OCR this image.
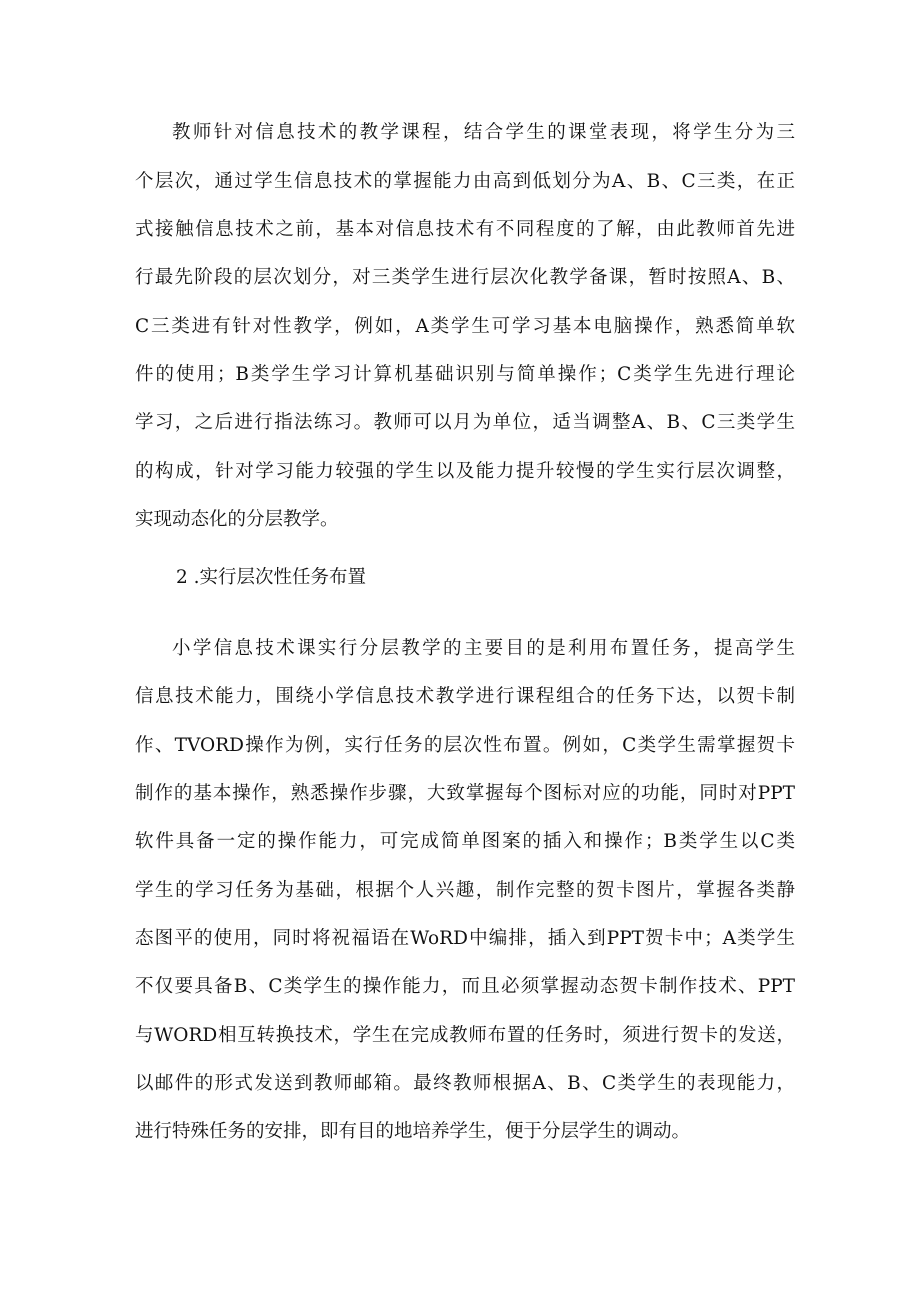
教师针对信息技术的教学课程，结合学生的课堂表现，将学生分为三
个层次，通过学生信息技术的掌握能力由高到低划分为A、B、C三类，在正
式接触信息技术之前，基本对信息技术有不同程度的了解，由此教师首先进
行最先阶段的层次划分，对三类学生进行层次化教学备课，暂时按照A、B、
C三类进有针对性教学，例如，A类学生可学习基本电脑操作，熟悉简单软
件的使用；B类学生学习计算机基础识别与简单操作；C类学生先进行理论
学习，之后进行指法练习。教师可以月为单位，适当调整A、B、C三类学生
的构成，针对学习能力较强的学生以及能力提升较慢的学生实行层次调整，
实现动态化的分层教学。
2 .实行层次性任务布置
小学信息技术课实行分层教学的主要目的是利用布置任务，提高学生
信息技术能力，围绕小学信息技术教学进行课程组合的任务下达，以贺卡制
作、TVORD操作为例，实行任务的层次性布置。例如，C类学生需掌握贺卡
制作的基本操作，熟悉操作步骤，大致掌握每个图标对应的功能，同时对PPT
软件具备一定的操作能力，可完成简单图案的插入和操作；B类学生以C类
学生的学习任务为基础，根据个人兴趣，制作完整的贺卡图片，掌握各类静
态图平的使用，同时将祝福语在WoRD中编排，插入到PPT贺卡中；A类学生
不仅要具备B、C类学生的操作能力，而且必须掌握动态贺卡制作技术、PPT
与WORD相互转换技术，学生在完成教师布置的任务时，须进行贺卡的发送，
以邮件的形式发送到教师邮箱。最终教师根据A、B、C类学生的表现能力，
进行特殊任务的安排，即有目的地培养学生，便于分层学生的调动。
